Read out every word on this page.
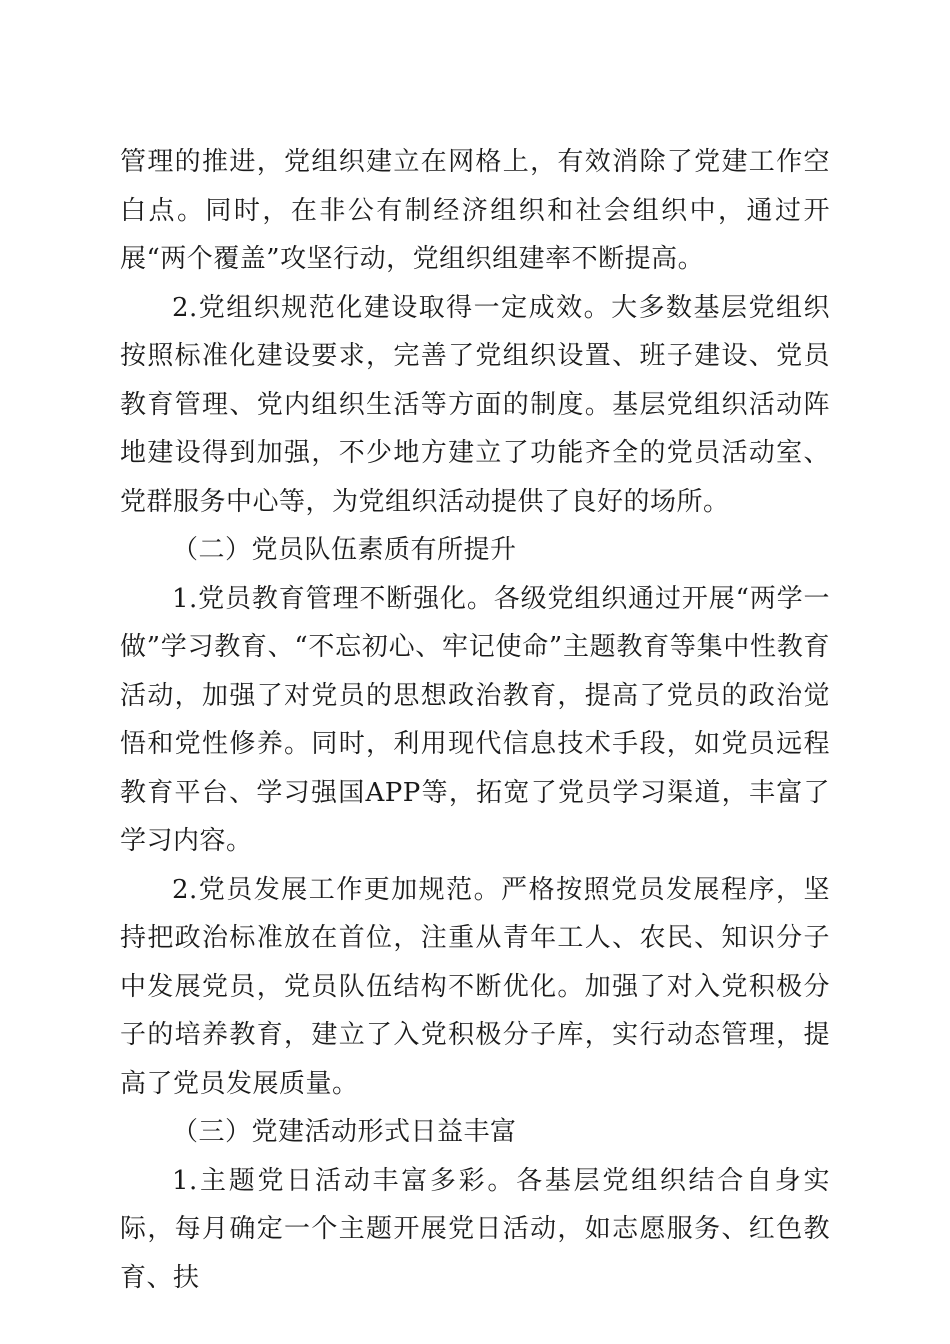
管理的推进，党组织建立在网格上，有效消除了党建工作空白点。同时，在非公有制经济组织和社会组织中，通过开展“两个覆盖”攻坚行动，党组织组建率不断提高。

2.党组织规范化建设取得一定成效。大多数基层党组织按照标准化建设要求，完善了党组织设置、班子建设、党员教育管理、党内组织生活等方面的制度。基层党组织活动阵地建设得到加强，不少地方建立了功能齐全的党员活动室、党群服务中心等，为党组织活动提供了良好的场所。

（二）党员队伍素质有所提升

1.党员教育管理不断强化。各级党组织通过开展“两学一做”学习教育、“不忘初心、牢记使命”主题教育等集中性教育活动，加强了对党员的思想政治教育，提高了党员的政治觉悟和党性修养。同时，利用现代信息技术手段，如党员远程教育平台、学习强国APP等，拓宽了党员学习渠道，丰富了学习内容。

2.党员发展工作更加规范。严格按照党员发展程序，坚持把政治标准放在首位，注重从青年工人、农民、知识分子中发展党员，党员队伍结构不断优化。加强了对入党积极分子的培养教育，建立了入党积极分子库，实行动态管理，提高了党员发展质量。

（三）党建活动形式日益丰富

1.主题党日活动丰富多彩。各基层党组织结合自身实际，每月确定一个主题开展党日活动，如志愿服务、红色教育、扶
